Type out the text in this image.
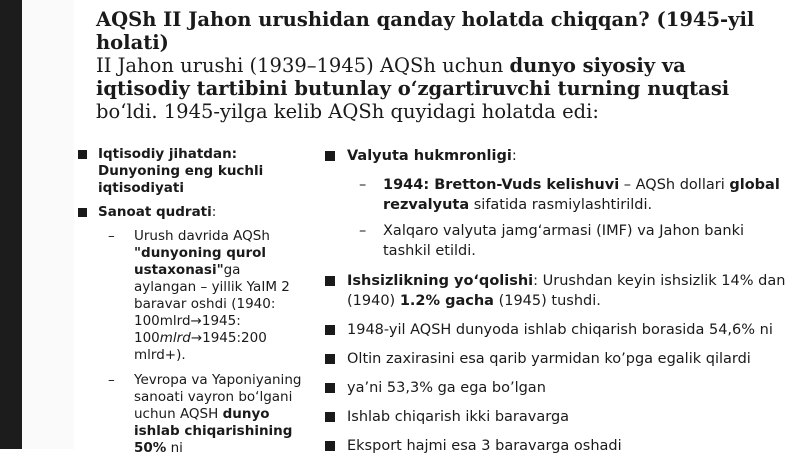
AQSh II Jahon urushidan qanday holatda chiqqan? (1945-yil holati)
II Jahon urushi (1939–1945) AQSh uchun dunyo siyosiy va iqtisodiy tartibini butunlay o‘zgartiruvchi turning nuqtasi bo‘ldi. 1945-yilga kelib AQSh quyidagi holatda edi:
Iqtisodiy jihatdan: Dunyoning eng kuchli iqtisodiyati
Sanoat qudrati:
– Urush davrida AQSh "dunyoning qurol ustaxonasi"ga aylangan – yillik YaIM 2 baravar oshdi (1940: 100mlrd→1945: 100mlrd→1945:200 mlrd+).
– Yevropa va Yaponiyaning sanoati vayron bo‘lgani uchun AQSH dunyo ishlab chiqarishining 50% ni
Valyuta hukmronligi:
– 1944: Bretton-Vuds kelishuvi – AQSh dollari global rezvalyuta sifatida rasmiylashtirildi.
– Xalqaro valyuta jamg‘armasi (IMF) va Jahon banki tashkil etildi.
Ishsizlikning yo‘qolishi: Urushdan keyin ishsizlik 14% dan (1940) 1.2% gacha (1945) tushdi.
1948-yil AQSH dunyoda ishlab chiqarish borasida 54,6% ni
Oltin zaxirasini esa qarib yarmidan ko’pga egalik qilardi
ya’ni 53,3% ga ega bo’lgan
Ishlab chiqarish ikki baravarga
Eksport hajmi esa 3 baravarga oshadi
